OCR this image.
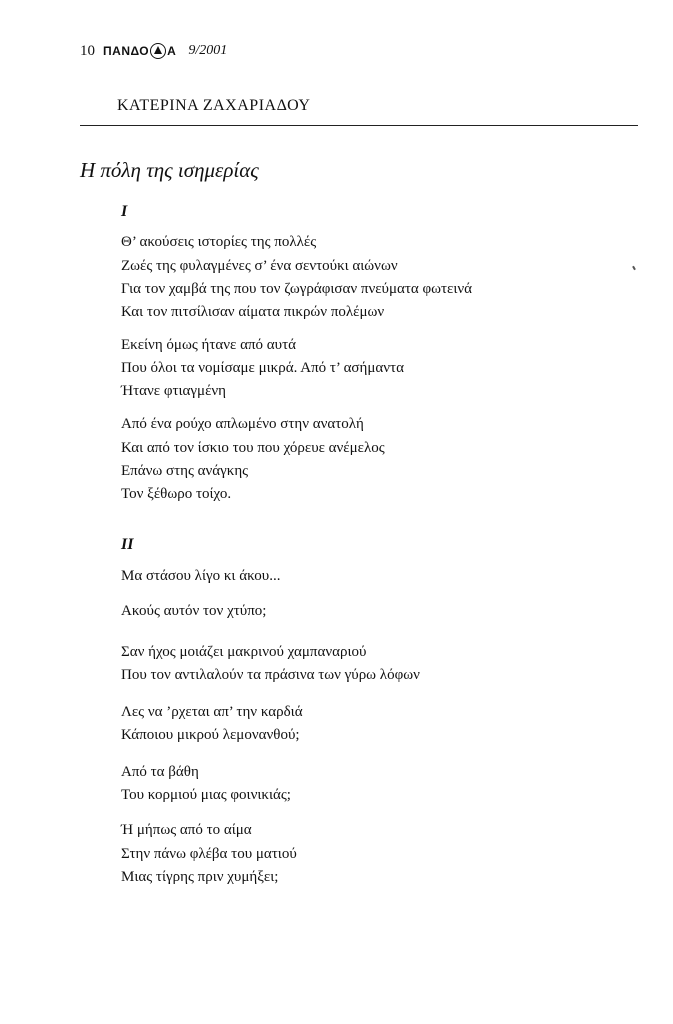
10 ΠΑΝΔΟ Α 9/2001
ΚΑΤΕΡΙΝΑ ΖΑΧΑΡΙΑΔΟΥ
Η πόλη της ισημερίας
I
Θ’ ακούσεις ιστορίες της πολλές
Ζωές της φυλαγμένες σ’ ένα σεντούκι αιώνων
Για τον χαμβά της που τον ζωγράφισαν πνεύματα φωτεινά
Και τον πιτσίλισαν αίματα πικρών πολέμων
Εκείνη όμως ήτανε από αυτά
Που όλοι τα νομίσαμε μικρά. Από τ’ ασήμαντα
Ήτανε φτιαγμένη
Από ένα ρούχο απλωμένο στην ανατολή
Και από τον ίσκιο του που χόρευε ανέμελος
Επάνω στης ανάγκης
Τον ξέθωρο τοίχο.
II
Μα στάσου λίγο κι άκου...
Ακούς αυτόν τον χτύπο;
Σαν ήχος μοιάζει μακρινού χαμπαναριού
Που τον αντιλαλούν τα πράσινα των γύρω λόφων
Λες να ’ρχεται απ’ την καρδιά
Κάποιου μικρού λεμονανθού;
Από τα βάθη
Του κορμιού μιας φοινικιάς;
Ή μήπως από το αίμα
Στην πάνω φλέβα του ματιού
Μιας τίγρης πριν χυμήξει;
